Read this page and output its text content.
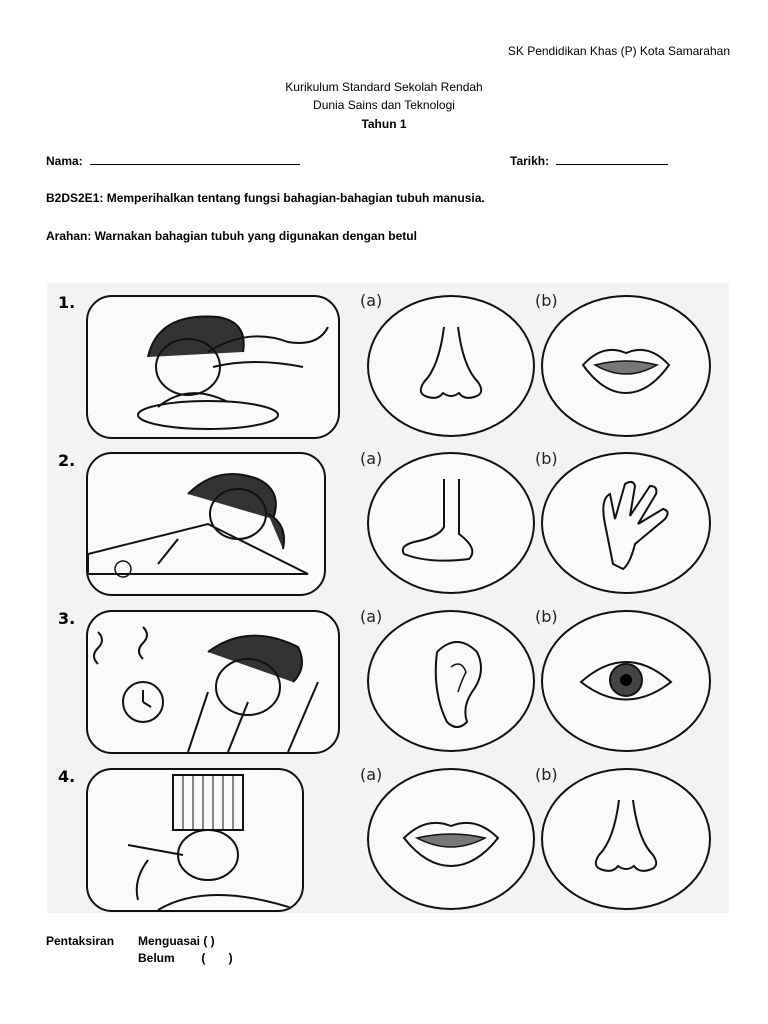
SK Pendidikan Khas (P) Kota Samarahan
Kurikulum Standard Sekolah Rendah
Dunia Sains dan Teknologi
Tahun 1
Nama:	Tarikh:
B2DS2E1: Memperihalkan tentang fungsi bahagian-bahagian tubuh manusia.
Arahan: Warnakan bahagian tubuh yang digunakan dengan betul
1.	(a)	(b)
2.	(a)	(b)
3.	(a)	(b)
4.	(a)	(b)
Pentaksiran Menguasai ( )
Belum        (       )
